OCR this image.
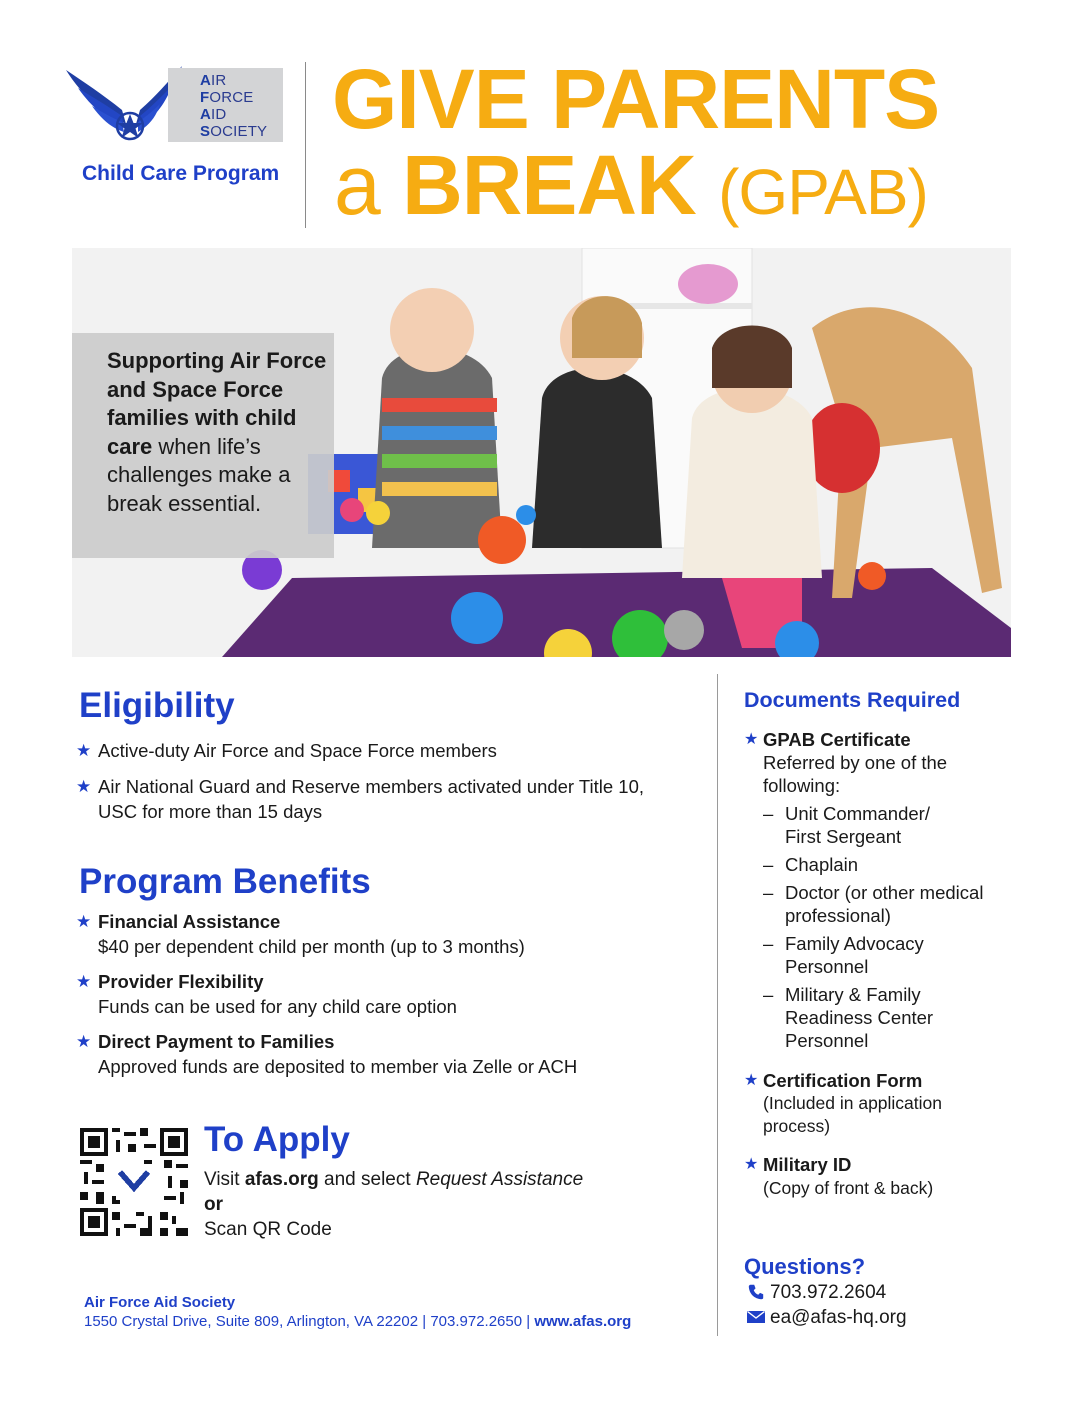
AIR
FORCE
AID
SOCIETY
Child Care Program
GIVE PARENTS
a BREAK (GPAB)
Supporting Air Force and Space Force families with child care when life’s challenges make a break essential.
Eligibility
★ Active-duty Air Force and Space Force members
★ Air National Guard and Reserve members activated under Title 10, USC for more than 15 days
Program Benefits
★ Financial Assistance
$40 per dependent child per month (up to 3 months)
★ Provider Flexibility
Funds can be used for any child care option
★ Direct Payment to Families
Approved funds are deposited to member via Zelle or ACH
To Apply
Visit afas.org and select Request Assistance
or
Scan QR Code
Air Force Aid Society
1550 Crystal Drive, Suite 809, Arlington, VA 22202 | 703.972.2650 | www.afas.org
Documents Required
★ GPAB Certificate
Referred by one of the following:
– Unit Commander/ First Sergeant
– Chaplain
– Doctor (or other medical professional)
– Family Advocacy Personnel
– Military & Family Readiness Center Personnel
★ Certification Form
(Included in application process)
★ Military ID
(Copy of front & back)
Questions?
703.972.2604
ea@afas-hq.org
